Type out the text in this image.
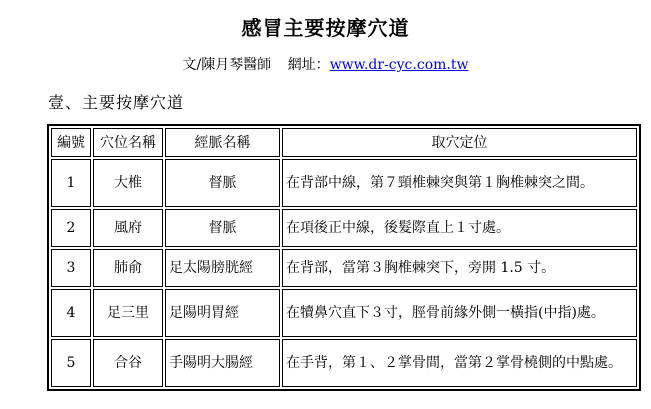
感冒主要按摩穴道
文/陳月琴醫師 網址：www.dr-cyc.com.tw
壹、主要按摩穴道
編號	穴位名稱	經脈名稱	取穴定位
1	大椎	督脈	在背部中線，第７頸椎棘突與第１胸椎棘突之間。
2	風府	督脈	在項後正中線，後髮際直上１寸處。
3	肺俞	足太陽膀胱經	在背部，當第３胸椎棘突下，旁開 1.5 寸。
4	足三里	足陽明胃經	在犢鼻穴直下３寸，脛骨前緣外側一橫指(中指)處。
5	合谷	手陽明大腸經	在手背，第１、２掌骨間，當第２掌骨橈側的中點處。
